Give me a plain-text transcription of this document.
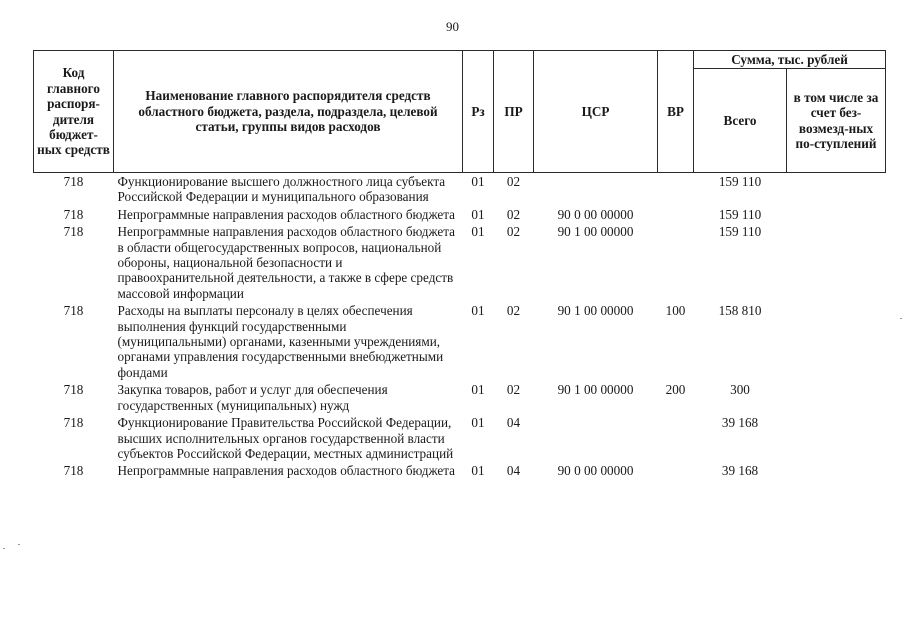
90
Код главного распоря-дителя бюджет-ных средств	Наименование главного распорядителя средств областного бюджета, раздела, подраздела, целевой статьи, группы видов расходов	Рз	ПР	ЦСР	ВР	Сумма, тыс. рублей	
						Всего	в том числе за счет без-возмезд-ных по-ступлений
718	Функционирование высшего должностного лица субъекта Российской Федерации и муниципального образования	01	02			159 110	
718	Непрограммные направления расходов областного бюджета	01	02	90 0 00 00000		159 110	
718	Непрограммные направления расходов областного бюджета в области общегосударственных вопросов, национальной обороны, национальной безопасности и правоохранительной деятельности, а также в сфере средств массовой информации	01	02	90 1 00 00000		159 110	
718	Расходы на выплаты персоналу в целях обеспечения выполнения функций государственными (муниципальными) органами, казенными учреждениями, органами управления государственными внебюджетными фондами	01	02	90 1 00 00000	100	158 810	
718	Закупка товаров, работ и услуг для обеспечения государственных (муниципальных) нужд	01	02	90 1 00 00000	200	300	
718	Функционирование Правительства Российской Федерации, высших исполнительных органов государственной власти субъектов Российской Федерации, местных администраций	01	04			39 168	
718	Непрограммные направления расходов областного бюджета	01	04	90 0 00 00000		39 168	
